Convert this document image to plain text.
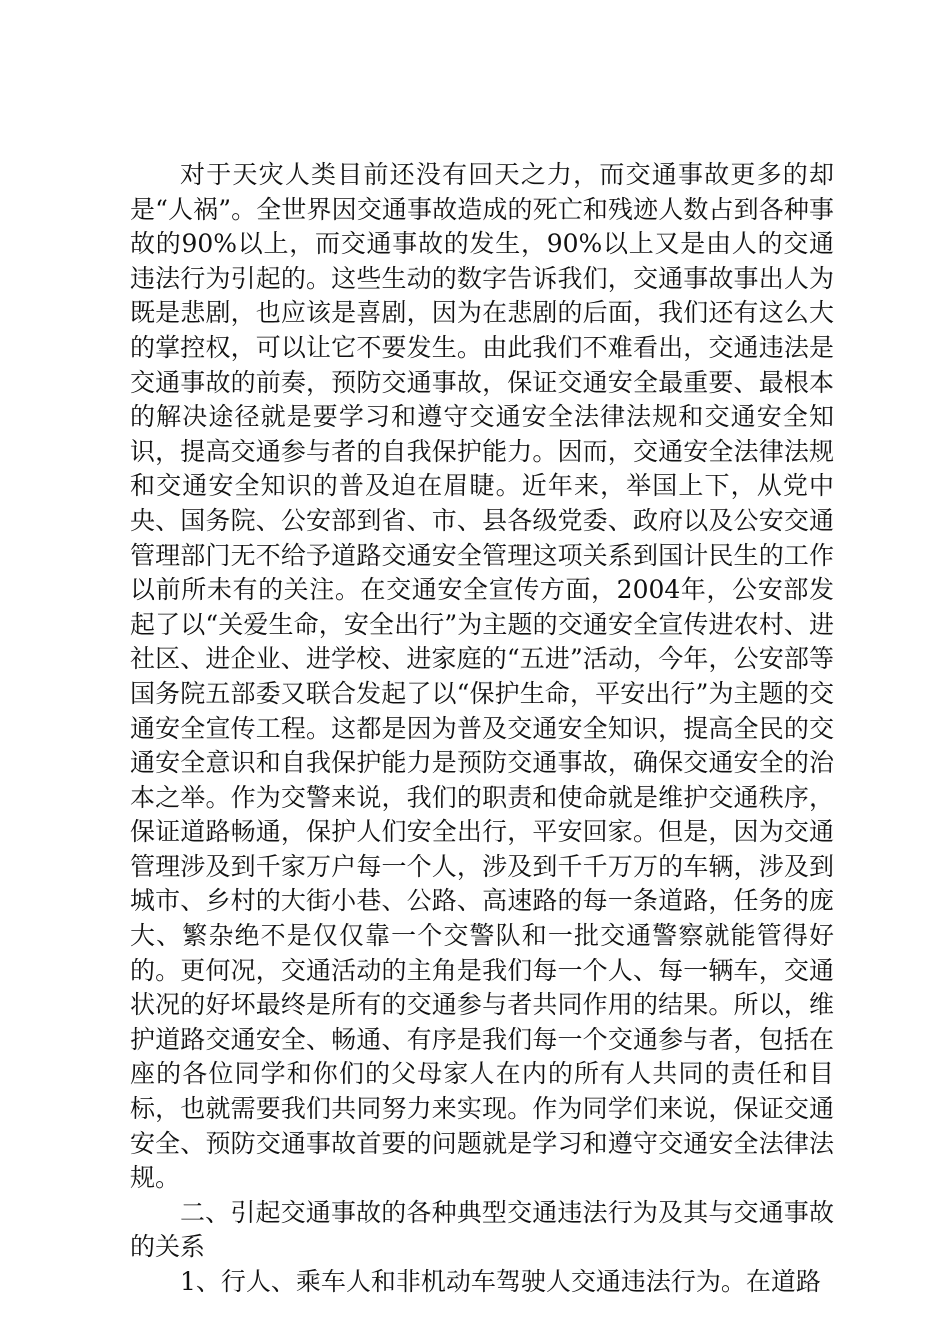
对于天灾人类目前还没有回天之力，而交通事故更多的却是“人祸”。全世界因交通事故造成的死亡和残迹人数占到各种事故的90%以上，而交通事故的发生，90%以上又是由人的交通违法行为引起的。这些生动的数字告诉我们，交通事故事出人为既是悲剧，也应该是喜剧，因为在悲剧的后面，我们还有这么大的掌控权，可以让它不要发生。由此我们不难看出，交通违法是交通事故的前奏，预防交通事故，保证交通安全最重要、最根本的解决途径就是要学习和遵守交通安全法律法规和交通安全知识，提高交通参与者的自我保护能力。因而，交通安全法律法规和交通安全知识的普及迫在眉睫。近年来，举国上下，从党中央、国务院、公安部到省、市、县各级党委、政府以及公安交通管理部门无不给予道路交通安全管理这项关系到国计民生的工作以前所未有的关注。在交通安全宣传方面，2004年，公安部发起了以“关爱生命，安全出行”为主题的交通安全宣传进农村、进社区、进企业、进学校、进家庭的“五进”活动，今年，公安部等国务院五部委又联合发起了以“保护生命，平安出行”为主题的交通安全宣传工程。这都是因为普及交通安全知识，提高全民的交通安全意识和自我保护能力是预防交通事故，确保交通安全的治本之举。作为交警来说，我们的职责和使命就是维护交通秩序，保证道路畅通，保护人们安全出行，平安回家。但是，因为交通管理涉及到千家万户每一个人，涉及到千千万万的车辆，涉及到城市、乡村的大街小巷、公路、高速路的每一条道路，任务的庞大、繁杂绝不是仅仅靠一个交警队和一批交通警察就能管得好的。更何况，交通活动的主角是我们每一个人、每一辆车，交通状况的好坏最终是所有的交通参与者共同作用的结果。所以，维护道路交通安全、畅通、有序是我们每一个交通参与者，包括在座的各位同学和你们的父母家人在内的所有人共同的责任和目标，也就需要我们共同努力来实现。作为同学们来说，保证交通安全、预防交通事故首要的问题就是学习和遵守交通安全法律法规。

二、引起交通事故的各种典型交通违法行为及其与交通事故的关系

1、行人、乘车人和非机动车驾驶人交通违法行为。在道路
